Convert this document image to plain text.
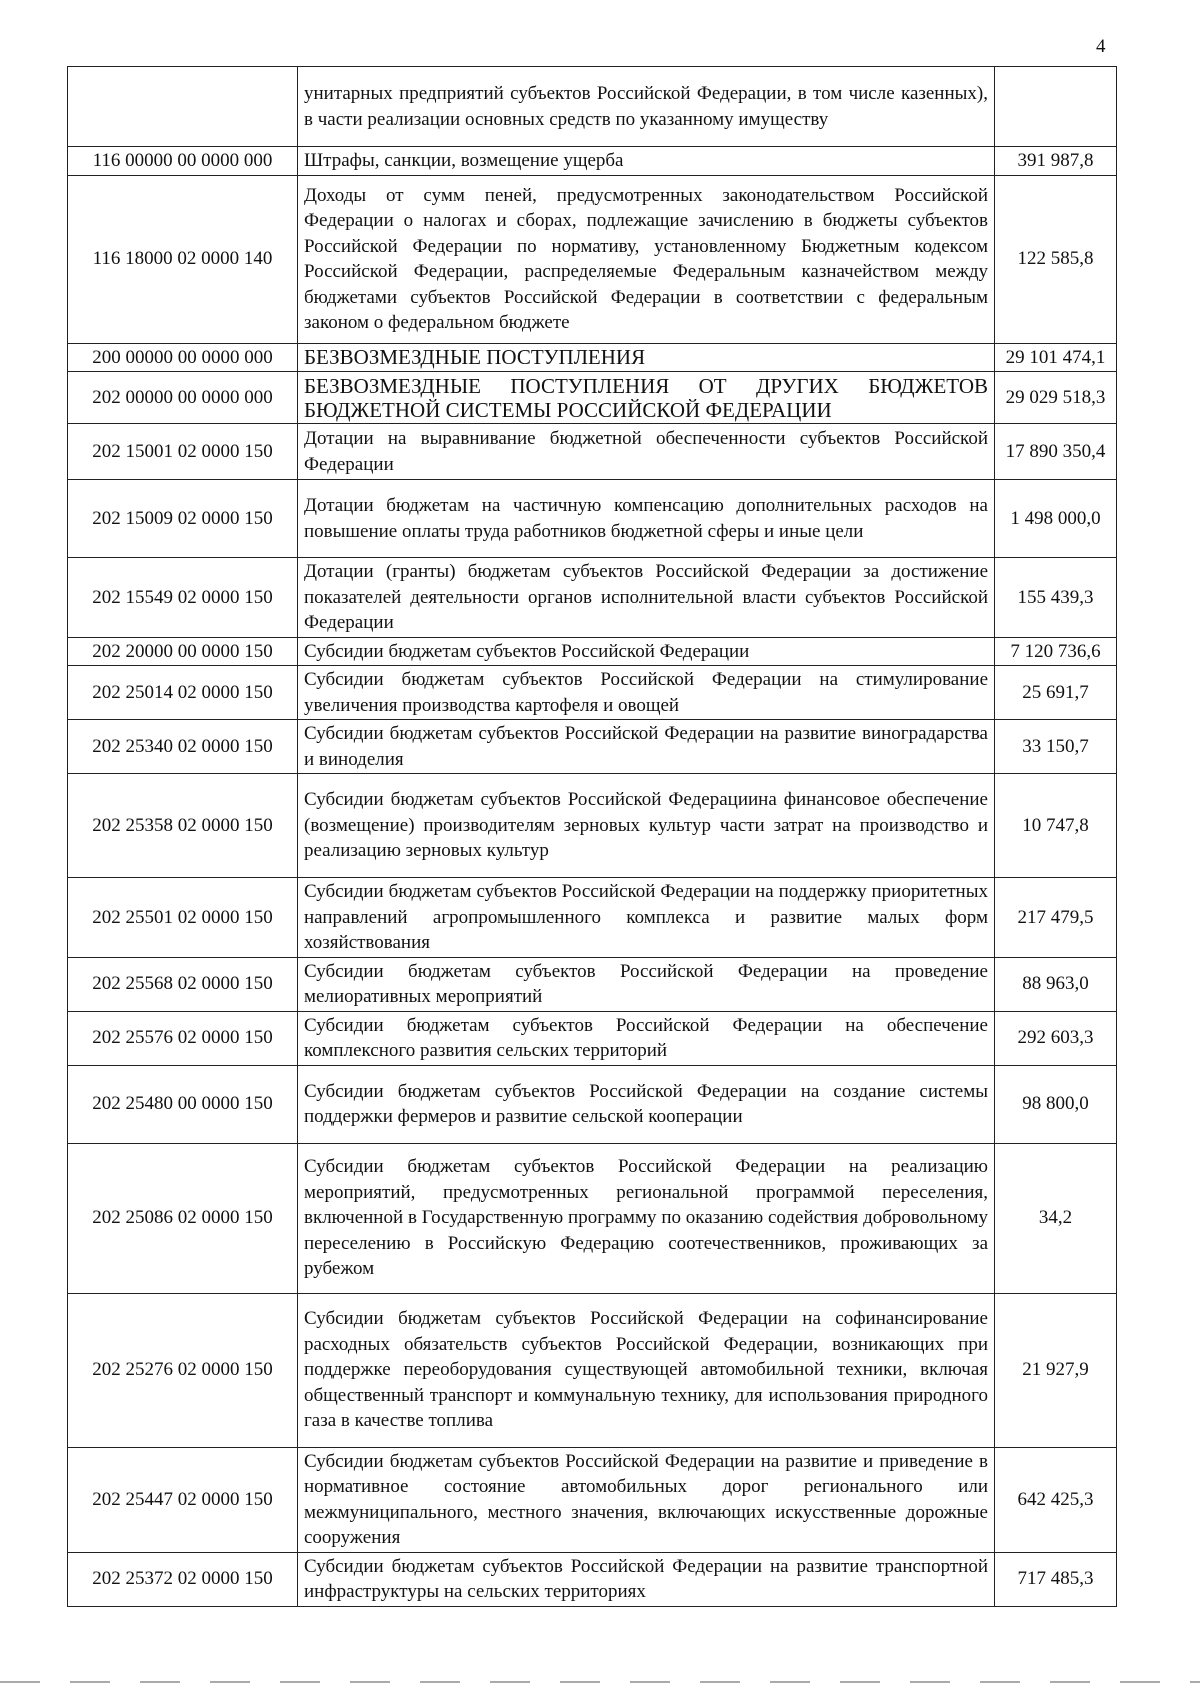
4
	унитарных предприятий субъектов Российской Федерации, в том числе казенных), в части реализации основных средств по указанному имуществу	
116 00000 00 0000 000	Штрафы, санкции, возмещение ущерба	391 987,8
116 18000 02 0000 140	Доходы от сумм пеней, предусмотренных законодательством Российской Федерации о налогах и сборах, подлежащие зачислению в бюджеты субъектов Российской Федерации по нормативу, установленному Бюджетным кодексом Российской Федерации, распределяемые Федеральным казначейством между бюджетами субъектов Российской Федерации в соответствии с федеральным законом о федеральном бюджете	122 585,8
200 00000 00 0000 000	БЕЗВОЗМЕЗДНЫЕ ПОСТУПЛЕНИЯ	29 101 474,1
202 00000 00 0000 000	БЕЗВОЗМЕЗДНЫЕ ПОСТУПЛЕНИЯ ОТ ДРУГИХ БЮДЖЕТОВ БЮДЖЕТНОЙ СИСТЕМЫ РОССИЙСКОЙ ФЕДЕРАЦИИ	29 029 518,3
202 15001 02 0000 150	Дотации на выравнивание бюджетной обеспеченности субъектов Российской Федерации	17 890 350,4
202 15009 02 0000 150	Дотации бюджетам на частичную компенсацию дополнительных расходов на повышение оплаты труда работников бюджетной сферы и иные цели	1 498 000,0
202 15549 02 0000 150	Дотации (гранты) бюджетам субъектов Российской Федерации за достижение показателей деятельности органов исполнительной власти субъектов Российской Федерации	155 439,3
202 20000 00 0000 150	Субсидии бюджетам субъектов Российской Федерации	7 120 736,6
202 25014 02 0000 150	Субсидии бюджетам субъектов Российской Федерации на стимулирование увеличения производства картофеля и овощей	25 691,7
202 25340 02 0000 150	Субсидии бюджетам субъектов Российской Федерации на развитие виноградарства и виноделия	33 150,7
202 25358 02 0000 150	Субсидии бюджетам субъектов Российской Федерациина финансовое обеспечение (возмещение) производителям зерновых культур части затрат на производство и реализацию зерновых культур	10 747,8
202 25501 02 0000 150	Субсидии бюджетам субъектов Российской Федерации на поддержку приоритетных направлений агропромышленного комплекса и развитие малых форм хозяйствования	217 479,5
202 25568 02 0000 150	Субсидии бюджетам субъектов Российской Федерации на проведение мелиоративных мероприятий	88 963,0
202 25576 02 0000 150	Субсидии бюджетам субъектов Российской Федерации на обеспечение комплексного развития сельских территорий	292 603,3
202 25480 00 0000 150	Субсидии бюджетам субъектов Российской Федерации на создание системы поддержки фермеров и развитие сельской кооперации	98 800,0
202 25086 02 0000 150	Субсидии бюджетам субъектов Российской Федерации на реализацию мероприятий, предусмотренных региональной программой переселения, включенной в Государственную программу по оказанию содействия добровольному переселению в Российскую Федерацию соотечественников, проживающих за рубежом	34,2
202 25276 02 0000 150	Субсидии бюджетам субъектов Российской Федерации на софинансирование расходных обязательств субъектов Российской Федерации, возникающих при поддержке переоборудования существующей автомобильной техники, включая общественный транспорт и коммунальную технику, для использования природного газа в качестве топлива	21 927,9
202 25447 02 0000 150	Субсидии бюджетам субъектов Российской Федерации на развитие и приведение в нормативное состояние автомобильных дорог регионального или межмуниципального, местного значения, включающих искусственные дорожные сооружения	642 425,3
202 25372 02 0000 150	Субсидии бюджетам субъектов Российской Федерации на развитие транспортной инфраструктуры на сельских территориях	717 485,3
